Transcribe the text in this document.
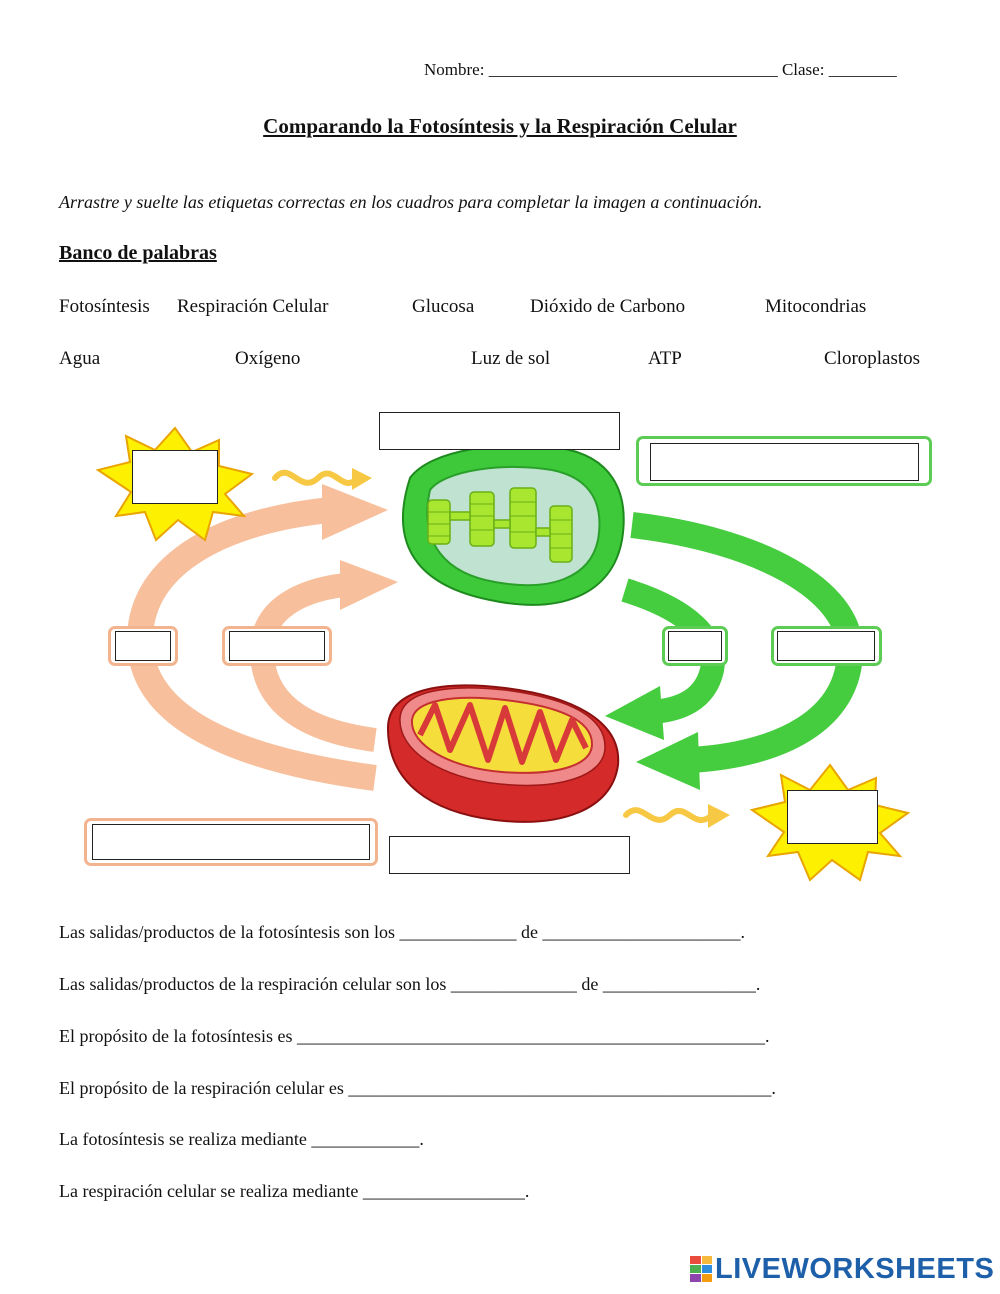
Nombre: __________________________________ Clase: ________
Comparando la Fotosíntesis y la Respiración Celular
Arrastre y suelte las etiquetas correctas en los cuadros para completar la imagen a continuación.
Banco de palabras
Fotosíntesis Respiración Celular	Glucosa	Dióxido de Carbono	Mitocondrias
Agua	Oxígeno	Luz de sol	ATP	Cloroplastos
Las salidas/productos de la fotosíntesis son los _____________ de ______________________.
Las salidas/productos de la respiración celular son los ______________ de _________________.
El propósito de la fotosíntesis es ____________________________________________________.
El propósito de la respiración celular es _______________________________________________.
La fotosíntesis se realiza mediante ____________.
La respiración celular se realiza mediante __________________.
LIVEWORKSHEETS
